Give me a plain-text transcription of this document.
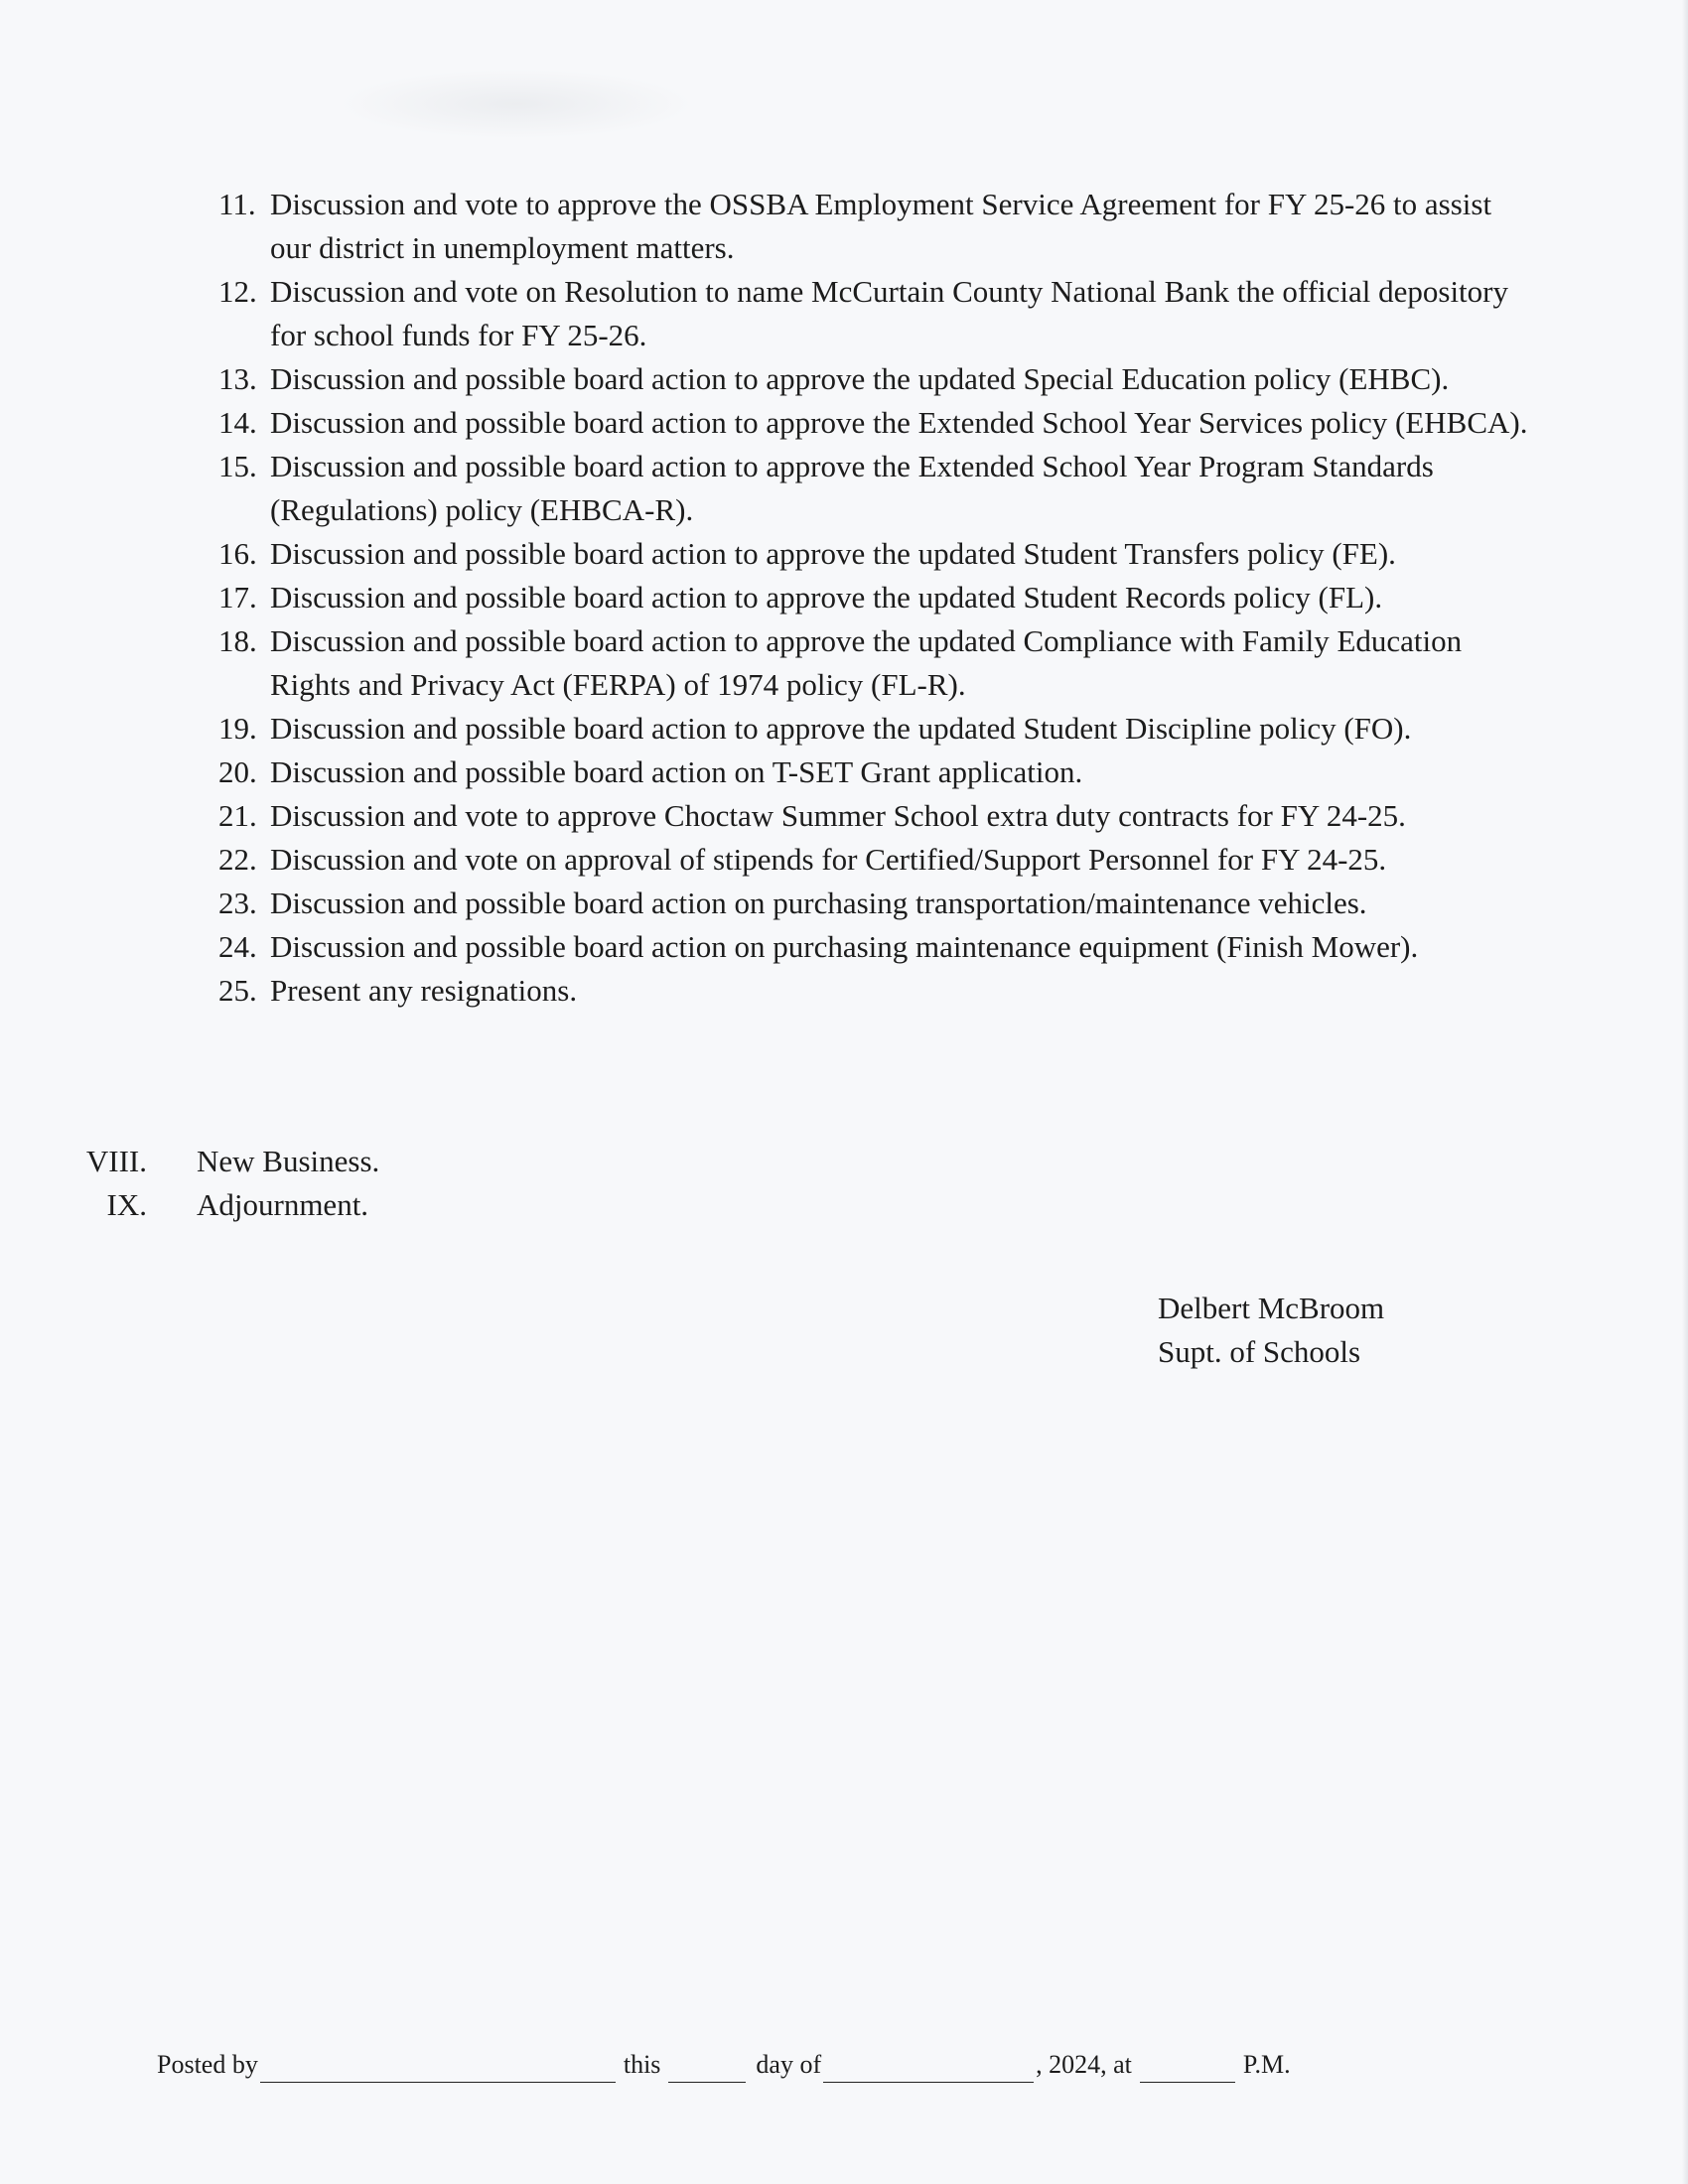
11. Discussion and vote to approve the OSSBA Employment Service Agreement for FY 25-26 to assist our district in unemployment matters.
12. Discussion and vote on Resolution to name McCurtain County National Bank the official depository for school funds for FY 25-26.
13. Discussion and possible board action to approve the updated Special Education policy (EHBC).
14. Discussion and possible board action to approve the Extended School Year Services policy (EHBCA).
15. Discussion and possible board action to approve the Extended School Year Program Standards (Regulations) policy (EHBCA-R).
16. Discussion and possible board action to approve the updated Student Transfers policy (FE).
17. Discussion and possible board action to approve the updated Student Records policy (FL).
18. Discussion and possible board action to approve the updated Compliance with Family Education Rights and Privacy Act (FERPA) of 1974 policy (FL-R).
19. Discussion and possible board action to approve the updated Student Discipline policy (FO).
20. Discussion and possible board action on T-SET Grant application.
21. Discussion and vote to approve Choctaw Summer School extra duty contracts for FY 24-25.
22. Discussion and vote on approval of stipends for Certified/Support Personnel for FY 24-25.
23. Discussion and possible board action on purchasing transportation/maintenance vehicles.
24. Discussion and possible board action on purchasing maintenance equipment (Finish Mower).
25. Present any resignations.
VIII. New Business.
IX. Adjournment.
Delbert McBroom
Supt. of Schools
Posted by	this	day of	, 2024, at	P.M.
